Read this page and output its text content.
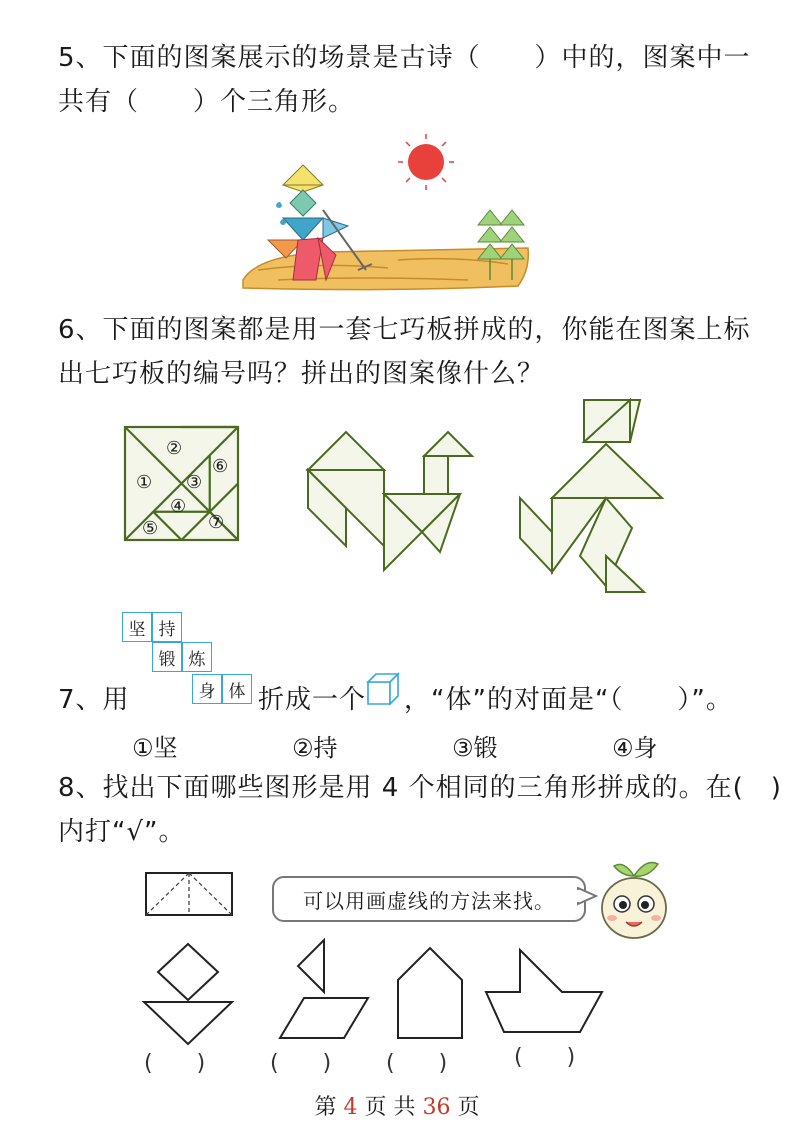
5、下面的图案展示的场景是古诗（　　）中的，图案中一
共有（　　）个三角形。
6、下面的图案都是用一套七巧板拼成的，你能在图案上标
出七巧板的编号吗？拼出的图案像什么？
②
① ③
⑥
④
⑤	⑦
坚 持
锻 炼
身 体
7、用	折成一个 ，“体”的对面是“（　　）”。
①坚	②持	③锻	④身
8、找出下面哪些图形是用 4 个相同的三角形拼成的。在(　)
内打“√”。
可以用画虚线的方法来找。
(　　)	(　　) (　　)	(　　)
第 4 页 共 36 页
